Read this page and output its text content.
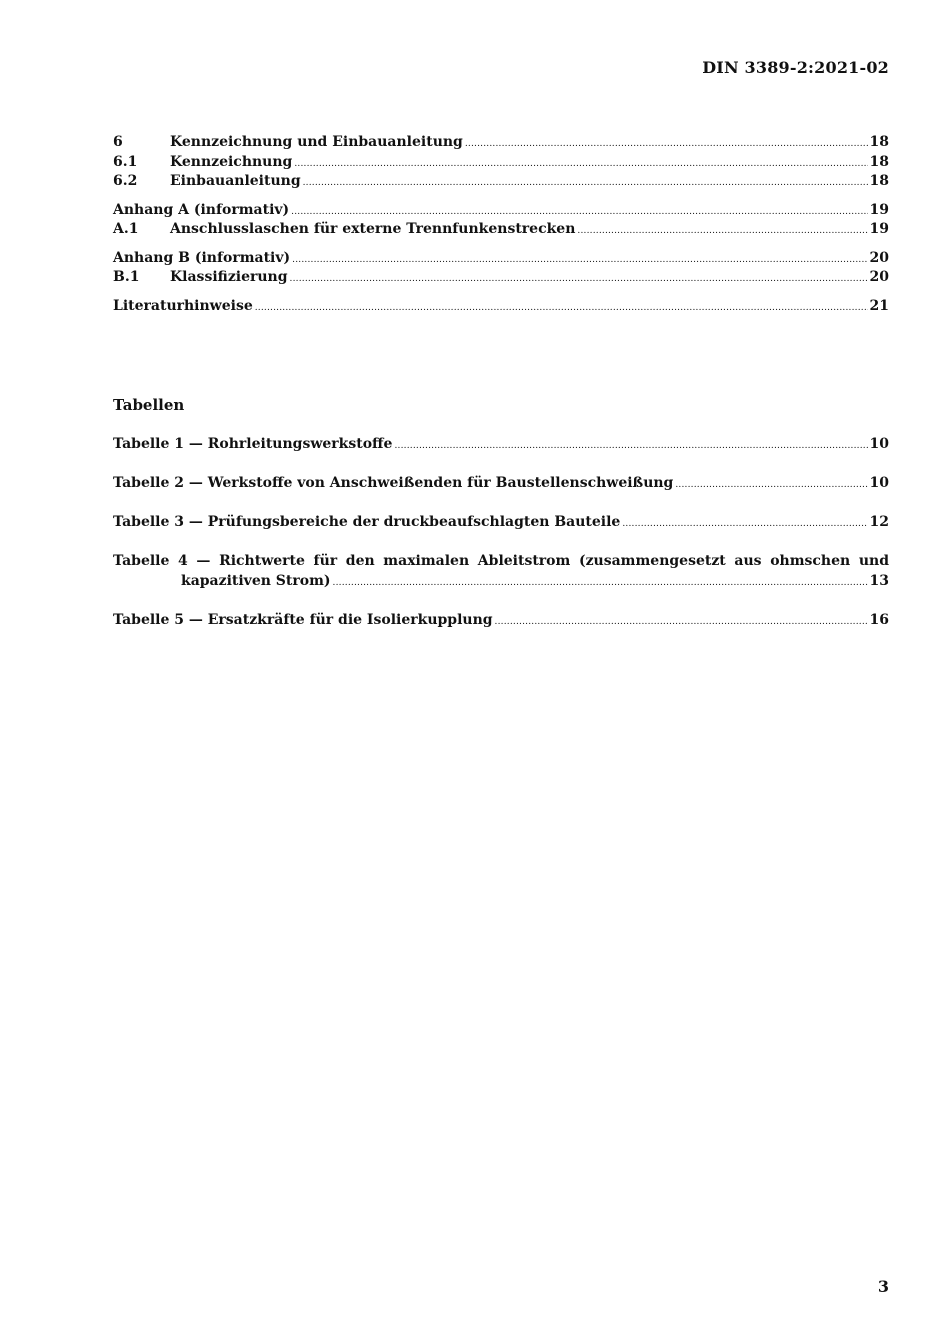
DIN 3389-2:2021-02
6	Kennzeichnung und Einbauanleitung .....	18
6.1	Kennzeichnung .....	18
6.2	Einbauanleitung .....	18
Anhang A (informativ) .....	19
A.1	Anschlusslaschen für externe Trennfunkenstrecken .....	19
Anhang B (informativ) .....	20
B.1	Klassifizierung .....	20
Literaturhinweise .....	21
Tabellen
Tabelle 1 — Rohrleitungswerkstoffe .....	10
Tabelle 2 — Werkstoffe von Anschweißenden für Baustellenschweißung .....	10
Tabelle 3 — Prüfungsbereiche der druckbeaufschlagten Bauteile .....	12
Tabelle 4 — Richtwerte für den maximalen Ableitstrom (zusammengesetzt aus ohmschen und
kapazitiven Strom) .....	13
Tabelle 5 — Ersatzkräfte für die Isolierkupplung .....	16
3
